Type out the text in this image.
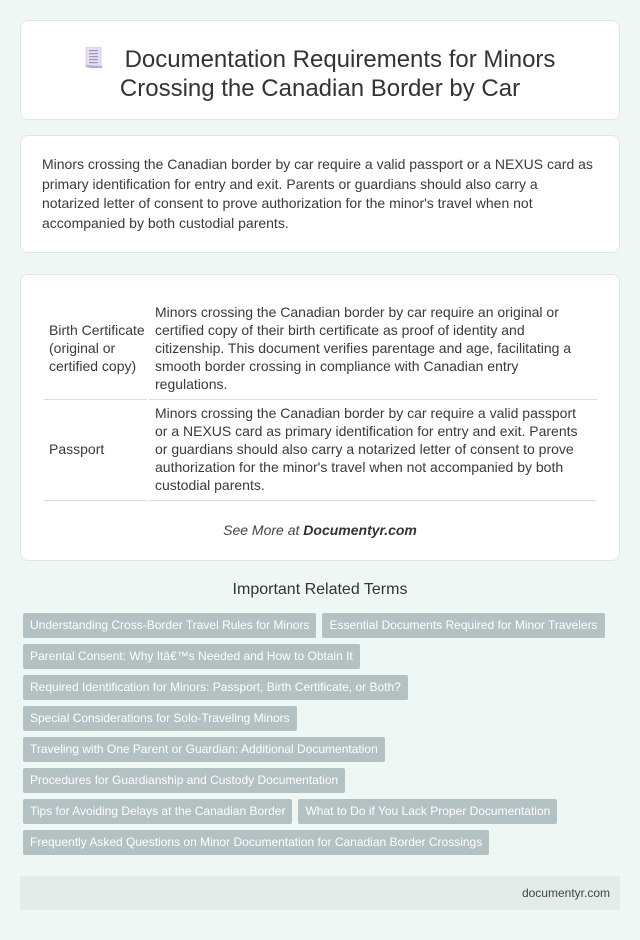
Documentation Requirements for Minors
Crossing the Canadian Border by Car

Minors crossing the Canadian border by car require a valid passport or a NEXUS card as primary identification for entry and exit. Parents or guardians should also carry a notarized letter of consent to prove authorization for the minor's travel when not accompanied by both custodial parents.

Birth Certificate (original or certified copy)	Minors crossing the Canadian border by car require an original or certified copy of their birth certificate as proof of identity and citizenship. This document verifies parentage and age, facilitating a smooth border crossing in compliance with Canadian entry regulations.
Passport	Minors crossing the Canadian border by car require a valid passport or a NEXUS card as primary identification for entry and exit. Parents or guardians should also carry a notarized letter of consent to prove authorization for the minor's travel when not accompanied by both custodial parents.
See More at Documentyr.com
Important Related Terms
Understanding Cross-Border Travel Rules for Minors	Essential Documents Required for Minor Travelers
Parental Consent: Why Itâ€™s Needed and How to Obtain It
Required Identification for Minors: Passport, Birth Certificate, or Both?
Special Considerations for Solo-Traveling Minors
Traveling with One Parent or Guardian: Additional Documentation
Procedures for Guardianship and Custody Documentation
Tips for Avoiding Delays at the Canadian Border	What to Do if You Lack Proper Documentation
Frequently Asked Questions on Minor Documentation for Canadian Border Crossings
documentyr.com
